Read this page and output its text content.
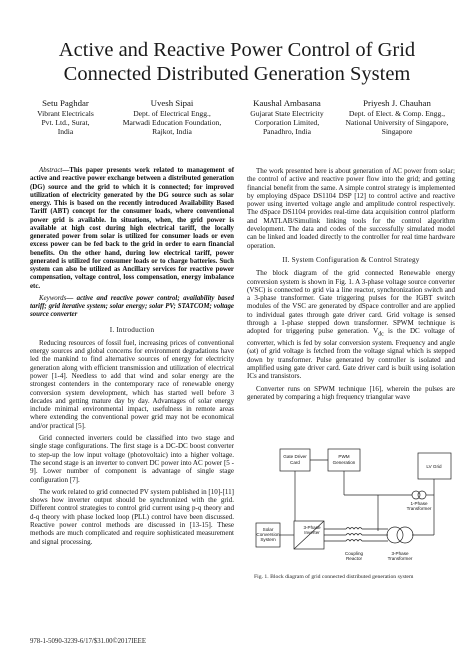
Active and Reactive Power Control of Grid
Connected Distributed Generation System
Setu Paghdar
Vibrant Electricals
Pvt. Ltd., Surat,
India
Uvesh Sipai
Dept. of Electrical Engg.,
Marwadi Education Foundation,
Rajkot, India
Kaushal Ambasana
Gujarat State Electricity
Corporation Limited,
Panadhro, India
Priyesh J. Chauhan
Dept. of Elect. & Comp. Engg.,
National University of Singapore,
Singapore

Abstract—This paper presents work related to management of active and reactive power exchange between a distributed generation (DG) source and the grid to which it is connected; for improved utilization of electricity generated by the DG source such as solar energy. This is based on the recently introduced Availability Based Tariff (ABT) concept for the consumer loads, where conventional power grid is available. In situations, when, the grid power is available at high cost during high electrical tariff, the locally generated power from solar is utilized for consumer loads or even excess power can be fed back to the grid in order to earn financial benefits. On the other hand, during low electrical tariff, power generated is utilized for consumer loads or to charge batteries. Such system can also be utilized as Ancillary services for reactive power compensation, voltage control, loss compensation, energy imbalance etc.

Keywords— active and reactive power control; availability based tariff; grid iterative system; solar energy; solar PV; STATCOM; voltage source converter

I. Introduction

Reducing resources of fossil fuel, increasing prices of conventional energy sources and global concerns for environment degradations have led the mankind to find alternative sources of energy for electricity generation along with efficient transmission and utilization of electrical power [1-4]. Needless to add that wind and solar energy are the strongest contenders in the contemporary race of renewable energy conversion system development, which has started well before 3 decades and getting mature day by day. Advantages of solar energy include minimal environmental impact, usefulness in remote areas where extending the conventional power grid may not be economical and/or practical [5].

Grid connected inverters could be classified into two stage and single stage configurations. The first stage is a DC-DC boost converter to step-up the low input voltage (photovoltaic) into a higher voltage. The second stage is an inverter to convert DC power into AC power [5 - 9]. Lower number of component is advantage of single stage configuration [7].

The work related to grid connected PV system published in [10]-[11] shows how inverter output should be synchronized with the grid. Different control strategies to control grid current using p-q theory and d-q theory with phase locked loop (PLL) control have been discussed. Reactive power control methods are discussed in [13-15]. These methods are much complicated and require sophisticated measurement and signal processing.

The work presented here is about generation of AC power from solar; the control of active and reactive power flow into the grid; and getting financial benefit from the same. A simple control strategy is implemented by employing dSpace DS1104 DSP [12] to control active and reactive power using inverted voltage angle and amplitude control respectively. The dSpace DS1104 provides real-time data acquisition control platform and MATLAB/Simulink linking tools for the control algorithm development. The data and codes of the successfully simulated model can be linked and loaded directly to the controller for real time hardware operation.

II. System Configuration & Control Strategy

The block diagram of the grid connected Renewable energy conversion system is shown in Fig. 1. A 3-phase voltage source converter (VSC) is connected to grid via a line reactor, synchronization switch and a 3-phase transformer. Gate triggering pulses for the IGBT switch modules of the VSC are generated by dSpace controller and are applied to individual gates through gate driver card. Grid voltage is sensed through a 1-phase stepped down transformer. SPWM technique is adopted for triggering pulse generation. $V_{dc}$ is the DC voltage of converter, which is fed by solar conversion system. Frequency and angle (ωt) of grid voltage is fetched from the voltage signal which is stepped down by transformer. Pulse generated by controller is isolated and amplified using gate driver card. Gate driver card is built using isolation ICs and transistors.

Converter runs on SPWM technique [16], wherein the pulses are generated by comparing a high frequency triangular wave

Gate Driver
Card
PWM
Generation
LV Grid
1-Phase
Transformer
Solar
Conversion
System
3-Phase
Inverter
Coupling
Reactor
3-Phase
Transformer
Fig. 1. Block diagram of grid connected distributed generation system
978-1-5090-3239-6/17/$31.00©2017IEEE
